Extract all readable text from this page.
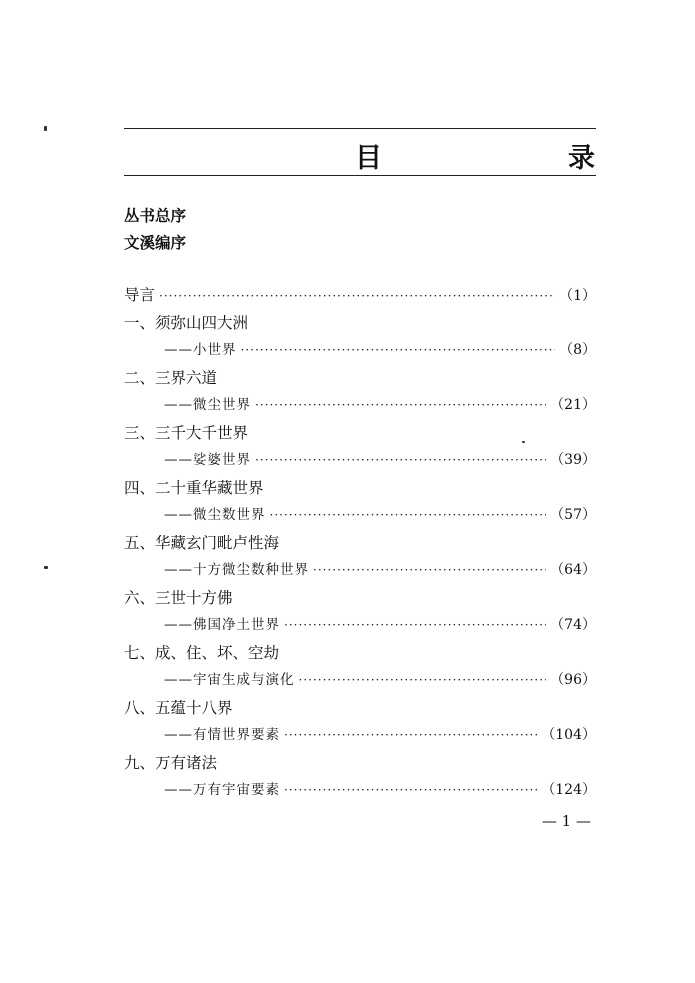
目　　录
丛书总序
文溪编序
导言 ·····	（1）
一、须弥山四大洲
——小世界 ·····	（8）
二、三界六道
——微尘世界 ·····	（21）
三、三千大千世界
——娑婆世界 ·····	（39）
四、二十重华藏世界
——微尘数世界 ·····	（57）
五、华藏玄门毗卢性海
——十方微尘数种世界 ·····	（64）
六、三世十方佛
——佛国净土世界 ·····	（74）
七、成、住、坏、空劫
——宇宙生成与演化 ·····	（96）
八、五蕴十八界
——有情世界要素 ·····	（104）
九、万有诸法
——万有宇宙要素 ·····	（124）
— 1 —
